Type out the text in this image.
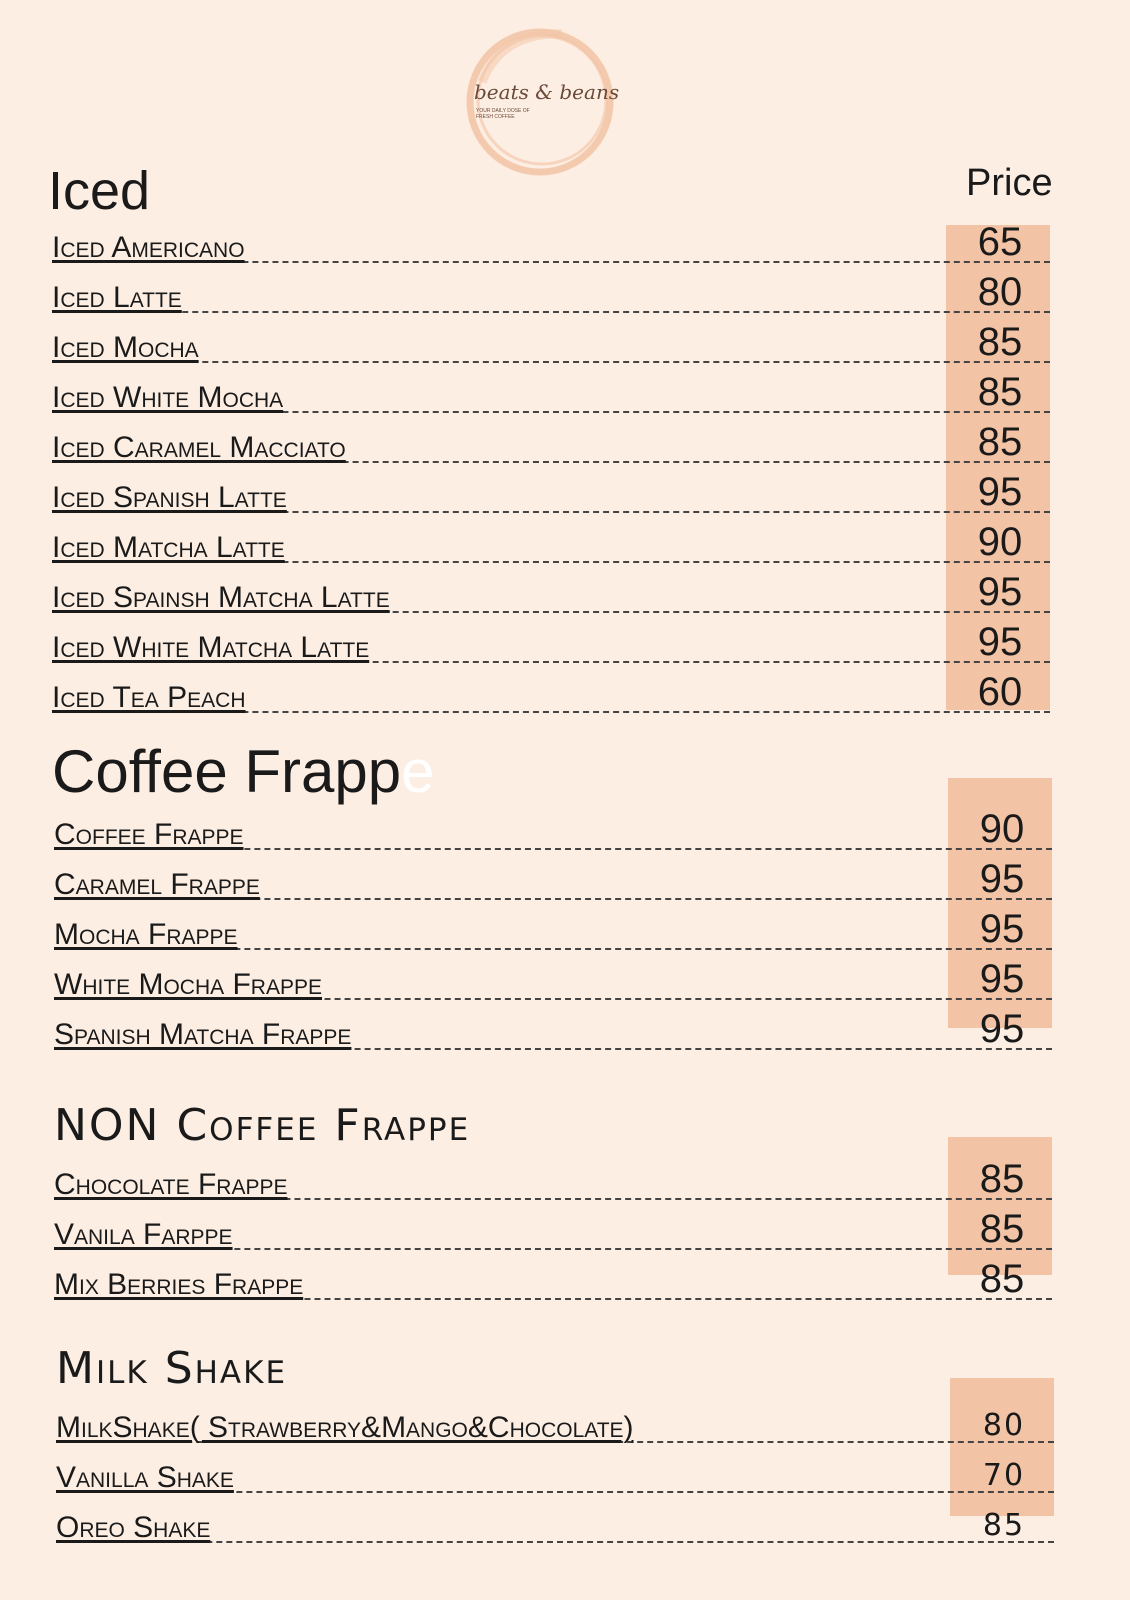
beats & beans
YOUR DAILY DOSE OF FRESH COFFEE
Price
Iced
Coffee Frappe
NON Coffee Frappe
Milk Shake
Iced Americano	65
Iced Latte	80
Iced Mocha	85
Iced White Mocha	85
Iced Caramel Macciato	85
Iced Spanish Latte	95
Iced Matcha Latte	90
Iced Spainsh Matcha Latte	95
Iced White Matcha Latte	95
Iced Tea Peach	60
Coffee Frappe	90
Caramel Frappe	95
Mocha Frappe	95
White Mocha Frappe	95
Spanish Matcha Frappe	95
Chocolate Frappe	85
Vanila Farppe	85
Mix Berries Frappe	85
MilkShake( Strawberry&Mango&Chocolate)	80
Vanilla Shake	70
Oreo Shake	85
